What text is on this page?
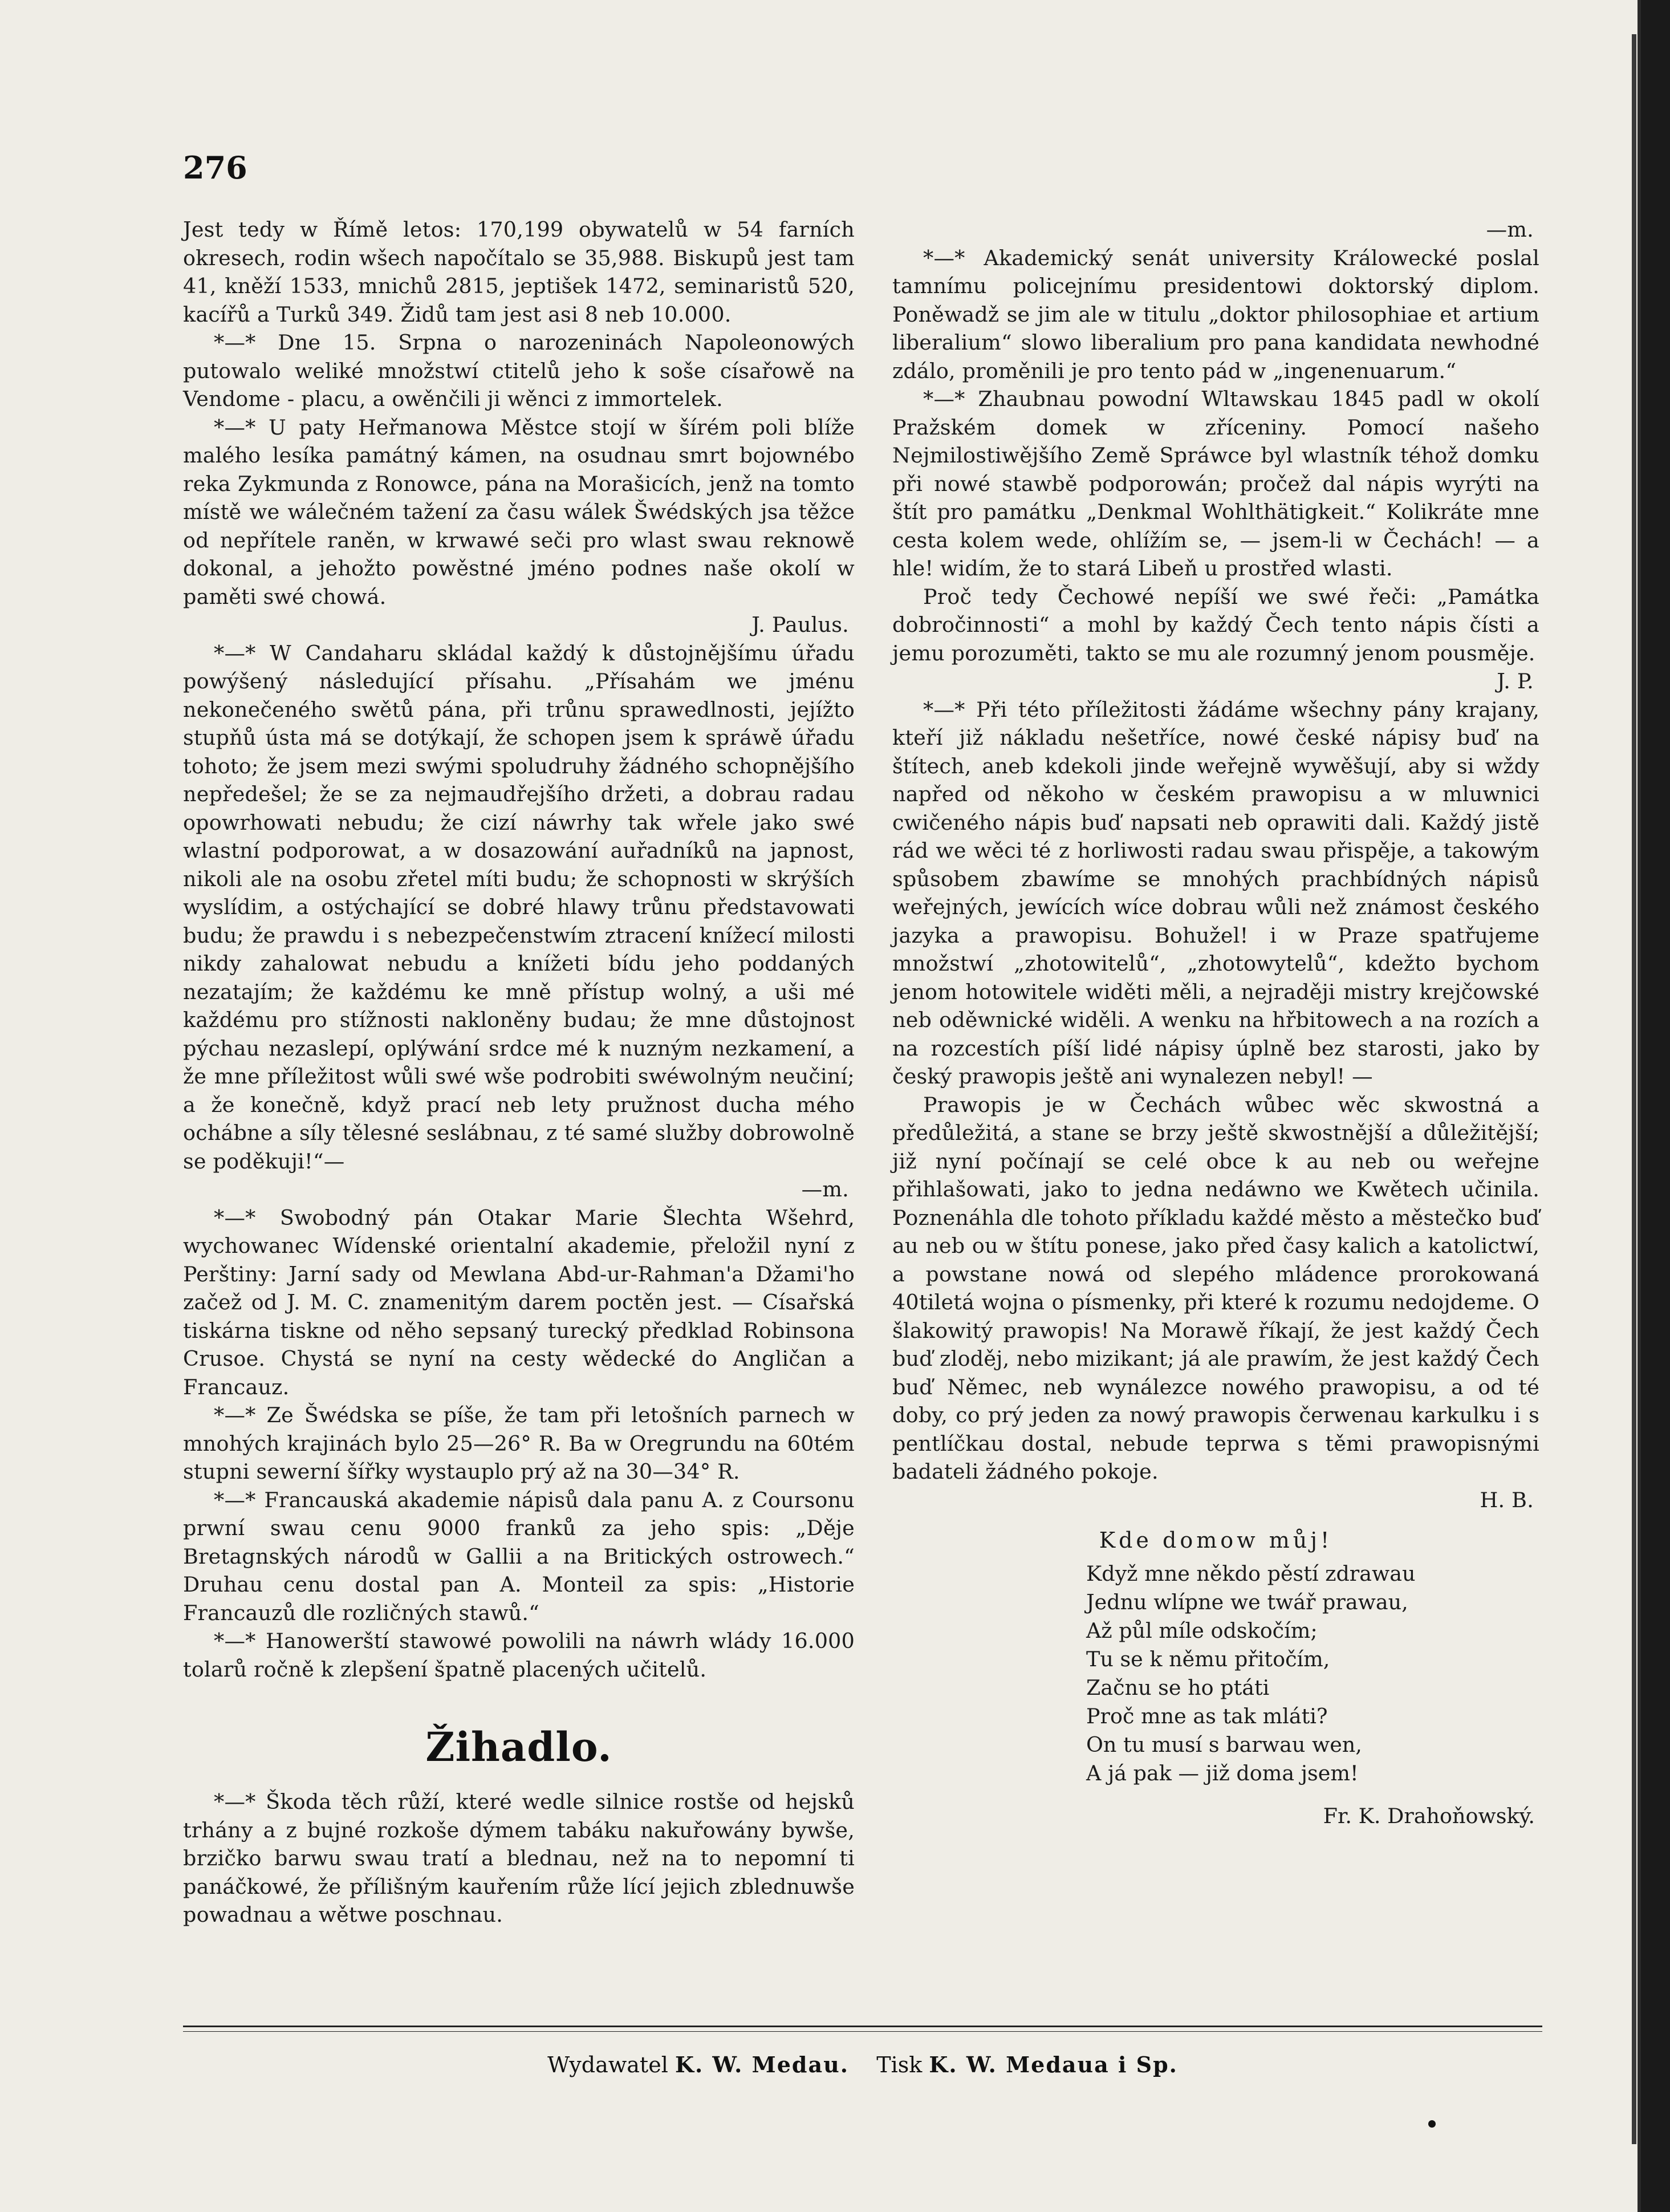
276

Jest tedy w Římě letos: 170,199 obywatelů w 54 farních okresech, rodin wšech napočítalo se 35,988. Biskupů jest tam 41, kněží 1533, mnichů 2815, jeptišek 1472, seminaristů 520, kacířů a Turků 349. Židů tam jest asi 8 neb 10.000.

*—* Dne 15. Srpna o narozeninách Napoleonowých putowalo weliké množstwí ctitelů jeho k soše císařowě na Vendome - placu, a owěnčili ji wěnci z immortelek.

*—* U paty Heřmanowa Městce stojí w šírém poli blíže malého lesíka památný kámen, na osudnau smrt bojownébo reka Zykmunda z Ronowce, pána na Morašicích, jenž na tomto místě we wálečném tažení za času wálek Šwédských jsa těžce od nepřítele raněn, w krwawé seči pro wlast swau reknowě dokonal, a jehožto powěstné jméno podnes naše okolí w paměti swé chowá.

J. Paulus.

*—* W Candaharu skládal každý k důstojnějšímu úřadu powýšený následující přísahu. „Přísahám we jménu nekonečeného swětů pána, při trůnu sprawedlnosti, jejížto stupňů ústa má se dotýkají, že schopen jsem k spráwě úřadu tohoto; že jsem mezi swými spoludruhy žádného schopnějšího nepředešel; že se za nejmaudřejšího držeti, a dobrau radau opowrhowati nebudu; že cizí náwrhy tak wřele jako swé wlastní podporowat, a w dosazowání auřadníků na japnost, nikoli ale na osobu zřetel míti budu; že schopnosti w skrýších wyslídim, a ostýchající se dobré hlawy trůnu představowati budu; že prawdu i s nebezpečenstwím ztracení knížecí milosti nikdy zahalowat nebudu a knížeti bídu jeho poddaných nezatajím; že každému ke mně přístup wolný, a uši mé každému pro stížnosti nakloněny budau; že mne důstojnost pýchau nezaslepí, oplýwání srdce mé k nuzným nezkamení, a že mne příležitost wůli swé wše podrobiti swéwolným neučiní; a že konečně, když prací neb lety pružnost ducha mého ochábne a síly tělesné seslábnau, z té samé služby dobrowolně se poděkuji!“—

—m.

*—* Swobodný pán Otakar Marie Šlechta Wšehrd, wychowanec Wídenské orientalní akademie, přeložil nyní z Perštiny: Jarní sady od Mewlana Abd-ur-Rahman'a Džami'ho začež od J. M. C. znamenitým darem poctěn jest. — Císařská tiskárna tiskne od něho sepsaný turecký předklad Robinsona Crusoe. Chystá se nyní na cesty wědecké do Angličan a Francauz.

*—* Ze Šwédska se píše, že tam při letošních parnech w mnohých krajinách bylo 25—26° R. Ba w Oregrundu na 60tém stupni sewerní šířky wystauplo prý až na 30—34° R.

*—* Francauská akademie nápisů dala panu A. z Coursonu prwní swau cenu 9000 franků za jeho spis: „Děje Bretagnských národů w Gallii a na Britických ostrowech.“ Druhau cenu dostal pan A. Monteil za spis: „Historie Francauzů dle rozličných stawů.“

*—* Hanowerští stawowé powolili na náwrh wlády 16.000 tolarů ročně k zlepšení špatně placených učitelů.

Žihadlo.

*—* Škoda těch růží, které wedle silnice rostše od hejsků trhány a z bujné rozkoše dýmem tabáku nakuřowány bywše, brzičko barwu swau tratí a blednau, než na to nepomní ti panáčkowé, že přílišným kauřením růže lící jejich zblednuwše powadnau a wětwe poschnau.

—m.

*—* Akademický senát university Králowecké poslal tamnímu policejnímu presidentowi doktorský diplom. Poněwadž se jim ale w titulu „doktor philosophiae et artium liberalium“ slowo liberalium pro pana kandidata newhodné zdálo, proměnili je pro tento pád w „ingenenuarum.“

*—* Zhaubnau powodní Wltawskau 1845 padl w okolí Pražském domek w zříceniny. Pomocí našeho Nejmilostiwějšího Země Spráwce byl wlastník téhož domku při nowé stawbě podporowán; pročež dal nápis wyrýti na štít pro památku „Denkmal Wohlthätigkeit.“ Kolikráte mne cesta kolem wede, ohlížím se, — jsem-li w Čechách! — a hle! widím, že to stará Libeň u prostřed wlasti.

Proč tedy Čechowé nepíší we swé řeči: „Památka dobročinnosti“ a mohl by každý Čech tento nápis čísti a jemu porozuměti, takto se mu ale rozumný jenom pousměje.

J. P.

*—* Při této příležitosti žádáme wšechny pány krajany, kteří již nákladu nešetříce, nowé české nápisy buď na štítech, aneb kdekoli jinde weřejně wywěšují, aby si wždy napřed od někoho w českém prawopisu a w mluwnici cwičeného nápis buď napsati neb oprawiti dali. Každý jistě rád we wěci té z horliwosti radau swau přispěje, a takowým spůsobem zbawíme se mnohých prachbídných nápisů weřejných, jewících wíce dobrau wůli než známost českého jazyka a prawopisu. Bohužel! i w Praze spatřujeme množstwí „zhotowitelů“, „zhotowytelů“, kdežto bychom jenom hotowitele widěti měli, a nejraději mistry krejčowské neb oděwnické widěli. A wenku na hřbitowech a na rozích a na rozcestích píší lidé nápisy úplně bez starosti, jako by český prawopis ještě ani wynalezen nebyl! —

Prawopis je w Čechách wůbec wěc skwostná a předůležitá, a stane se brzy ještě skwostnější a důležitější; již nyní počínají se celé obce k au neb ou weřejne přihlašowati, jako to jedna nedáwno we Kwětech učinila. Poznenáhla dle tohoto příkladu každé město a městečko buď au neb ou w štítu ponese, jako před časy kalich a katolictwí, a powstane nowá od slepého mládence prorokowaná 40tiletá wojna o písmenky, při které k rozumu nedojdeme. O šlakowitý prawopis! Na Morawě říkají, že jest každý Čech buď zloděj, nebo mizikant; já ale prawím, že jest každý Čech buď Němec, neb wynálezce nowého prawopisu, a od té doby, co prý jeden za nowý prawopis čerwenau karkulku i s pentlíčkau dostal, nebude teprwa s těmi prawopisnými badateli žádného pokoje.

H. B.

Kde domow můj!
Když mne někdo pěstí zdrawau
Jednu wlípne we twář prawau,
Až půl míle odskočím;
Tu se k němu přitočím,
Začnu se ho ptáti
Proč mne as tak mláti?
On tu musí s barwau wen,
A já pak — již doma jsem!
Fr. K. Drahoňowský.
Wydawatel K. W. Medau. Tisk K. W. Medaua i Sp.
